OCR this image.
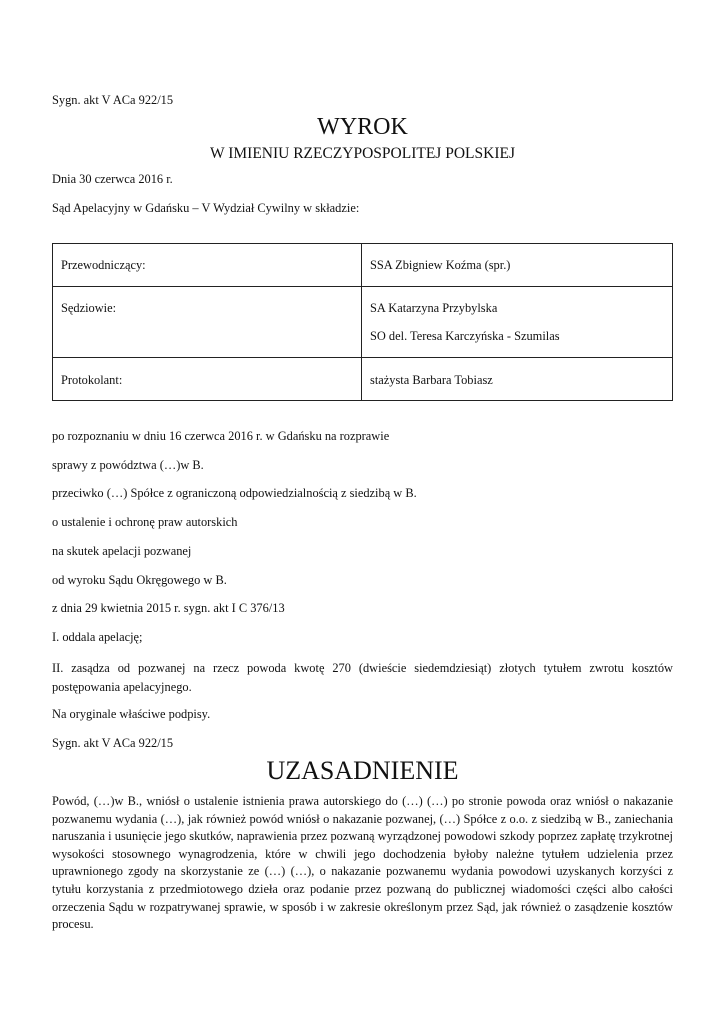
Sygn. akt V ACa 922/15
WYROK
W IMIENIU RZECZYPOSPOLITEJ POLSKIEJ
Dnia 30 czerwca 2016 r.
Sąd Apelacyjny w Gdańsku – V Wydział Cywilny w składzie:
Przewodniczący:	SSA Zbigniew Koźma (spr.)

Sędziowie:	SA Katarzyna Przybylska
SO del. Teresa Karczyńska - Szumilas

Protokolant:	stażysta Barbara Tobiasz
po rozpoznaniu w dniu 16 czerwca 2016 r. w Gdańsku na rozprawie
sprawy z powództwa (…)w B.
przeciwko (…) Spółce z ograniczoną odpowiedzialnością z siedzibą w B.
o ustalenie i ochronę praw autorskich
na skutek apelacji pozwanej
od wyroku Sądu Okręgowego w B.
z dnia 29 kwietnia 2015 r. sygn. akt I C 376/13
I. oddala apelację;
II. zasądza od pozwanej na rzecz powoda kwotę 270 (dwieście siedemdziesiąt) złotych tytułem zwrotu kosztów postępowania apelacyjnego.
Na oryginale właściwe podpisy.
Sygn. akt V ACa 922/15
UZASADNIENIE
Powód, (…)w B., wniósł o ustalenie istnienia prawa autorskiego do (…) (…) po stronie powoda oraz wniósł o nakazanie pozwanemu wydania (…), jak również powód wniósł o nakazanie pozwanej, (…) Spółce z o.o. z siedzibą w B., zaniechania naruszania i usunięcie jego skutków, naprawienia przez pozwaną wyrządzonej powodowi szkody poprzez zapłatę trzykrotnej wysokości stosownego wynagrodzenia, które w chwili jego dochodzenia byłoby należne tytułem udzielenia przez uprawnionego zgody na skorzystanie ze (…) (…), o nakazanie pozwanemu wydania powodowi uzyskanych korzyści z tytułu korzystania z przedmiotowego dzieła oraz podanie przez pozwaną do publicznej wiadomości części albo całości orzeczenia Sądu w rozpatrywanej sprawie, w sposób i w zakresie określonym przez Sąd, jak również o zasądzenie kosztów procesu.
